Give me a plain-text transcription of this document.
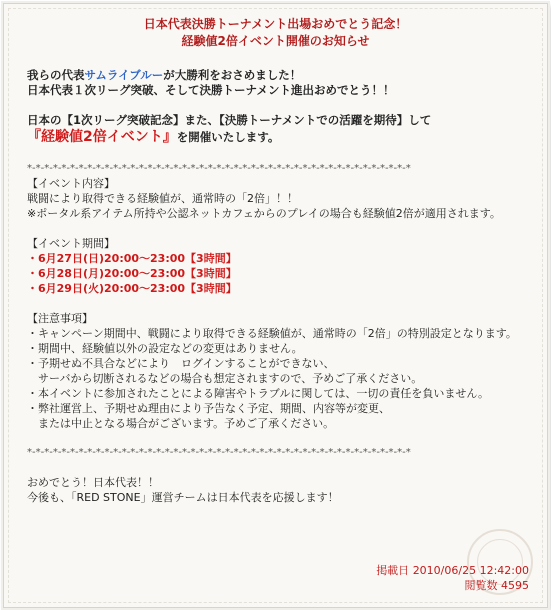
日本代表決勝トーナメント出場おめでとう記念！
経験値2倍イベント開催のお知らせ
我らの代表サムライブルーが大勝利をおさめました！
日本代表１次リーグ突破、そして決勝トーナメント進出おめでとう！！
日本の【1次リーグ突破記念】また、【決勝トーナメントでの活躍を期待】して
『経験値2倍イベント』を開催いたします。
*-*-*-*-*-*-*-*-*-*-*-*-*-*-*-*-*-*-*-*-*-*-*-*-*-*-*-*-*-*-*-*-*-*-*-*-*-*-*-*-*-*-*-*-*
【イベント内容】
戦闘により取得できる経験値が、通常時の「2倍」！！
※ポータル系アイテム所持や公認ネットカフェからのプレイの場合も経験値2倍が適用されます。
【イベント期間】
・6月27日(日)20:00～23:00【3時間】
・6月28日(月)20:00～23:00【3時間】
・6月29日(火)20:00～23:00【3時間】
【注意事項】
・キャンペーン期間中、戦闘により取得できる経験値が、通常時の「2倍」の特別設定となります。
・期間中、経験値以外の設定などの変更はありません。
・予期せぬ不具合などにより　ログインすることができない、
　サーバから切断されるなどの場合も想定されますので、予めご了承ください。
・本イベントに参加されたことによる障害やトラブルに関しては、一切の責任を負いません。
・弊社運営上、予期せぬ理由により予告なく予定、期間、内容等が変更、
　または中止となる場合がございます。予めご了承ください。
*-*-*-*-*-*-*-*-*-*-*-*-*-*-*-*-*-*-*-*-*-*-*-*-*-*-*-*-*-*-*-*-*-*-*-*-*-*-*-*-*-*-*-*-*
おめでとう！日本代表！！
今後も、「RED STONE」運営チームは日本代表を応援します！
掲載日 2010/06/25 12:42:00
閲覧数 4595
